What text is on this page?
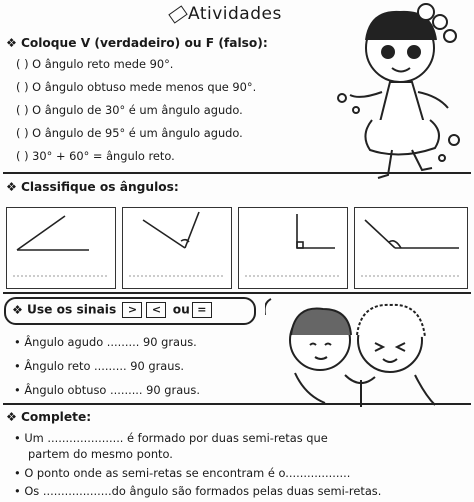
Atividades
❖ Coloque V (verdadeiro) ou F (falso):
( ) O ângulo reto mede 90°.
( ) O ângulo obtuso mede menos que 90°.
( ) O ângulo de 30° é um ângulo agudo.
( ) O ângulo de 95° é um ângulo agudo.
( ) 30° + 60° = ângulo reto.
❖ Classifique os ângulos:
❖ Use os sinais > < ou =
• Ângulo agudo ......... 90 graus.
• Ângulo reto ......... 90 graus.
• Ângulo obtuso ......... 90 graus.
❖ Complete:
• Um ..................... é formado por duas semi-retas que
partem do mesmo ponto.
• O ponto onde as semi-retas se encontram é o..................
• Os ...................do ângulo são formados pelas duas semi-retas.
